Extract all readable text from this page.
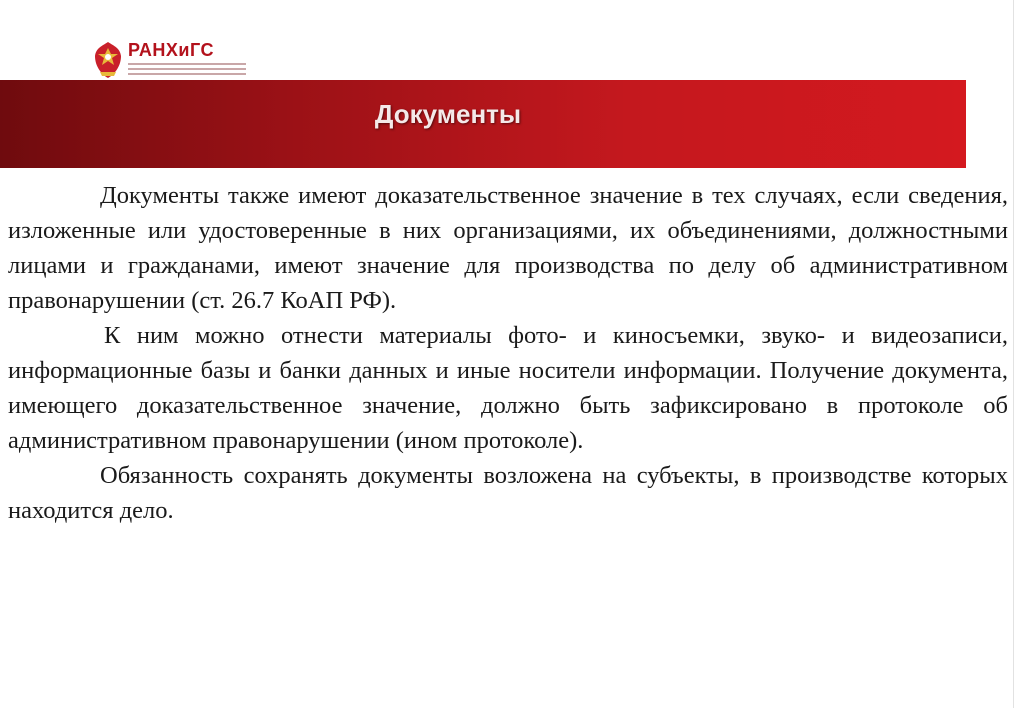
РАНХиГС
Документы

Документы также имеют доказательственное значение в тех случаях, если сведения, изложенные или удостоверенные в них организациями, их объединениями, должностными лицами и гражданами, имеют значение для производства по делу об административном правонарушении (ст. 26.7 КоАП РФ).

К ним можно отнести материалы фото- и киносъемки, звуко- и видеозаписи, информационные базы и банки данных и иные носители информации. Получение документа, имеющего доказательственное значение, должно быть зафиксировано в протоколе об административном правонарушении (ином протоколе).

Обязанность сохранять документы возложена на субъекты, в производстве которых находится дело.
